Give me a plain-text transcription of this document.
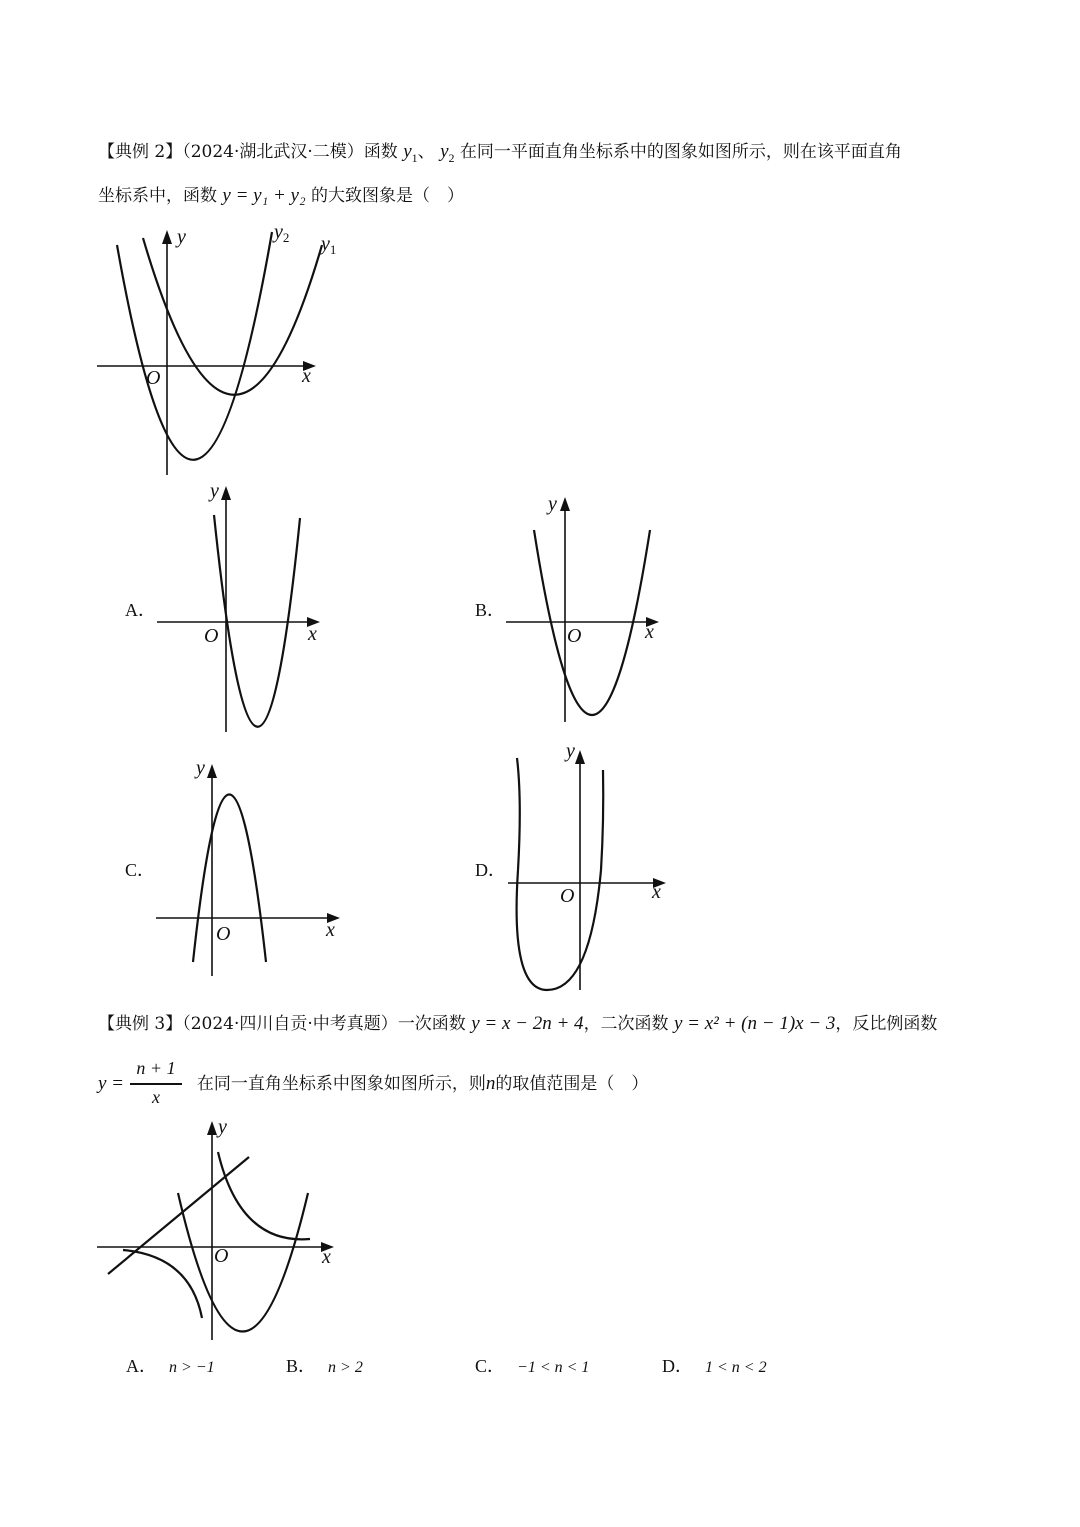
【典例 2】（2024·湖北武汉·二模）函数 $y_1$、 $y_2$ 在同一平面直角坐标系中的图象如图所示，则在该平面直角
坐标系中，函数 y = y₁ + y₂ 的大致图象是（　）
O	x
y	$y_2$ $y_1$
A．
O	x
y
B．
O	x
y
C．
O	x
y
D．
O	x
y
【典例 3】（2024·四川自贡·中考真题）一次函数 y = x − 2n + 4，二次函数 y = x² + (n − 1)x − 3，反比例函数
y =	在同一直角坐标系中图象如图所示，则n的取值范围是（　）
n + 1
x
O	x
y
A． n > −1	B． n > 2	C． −1 < n < 1	D． 1 < n < 2
